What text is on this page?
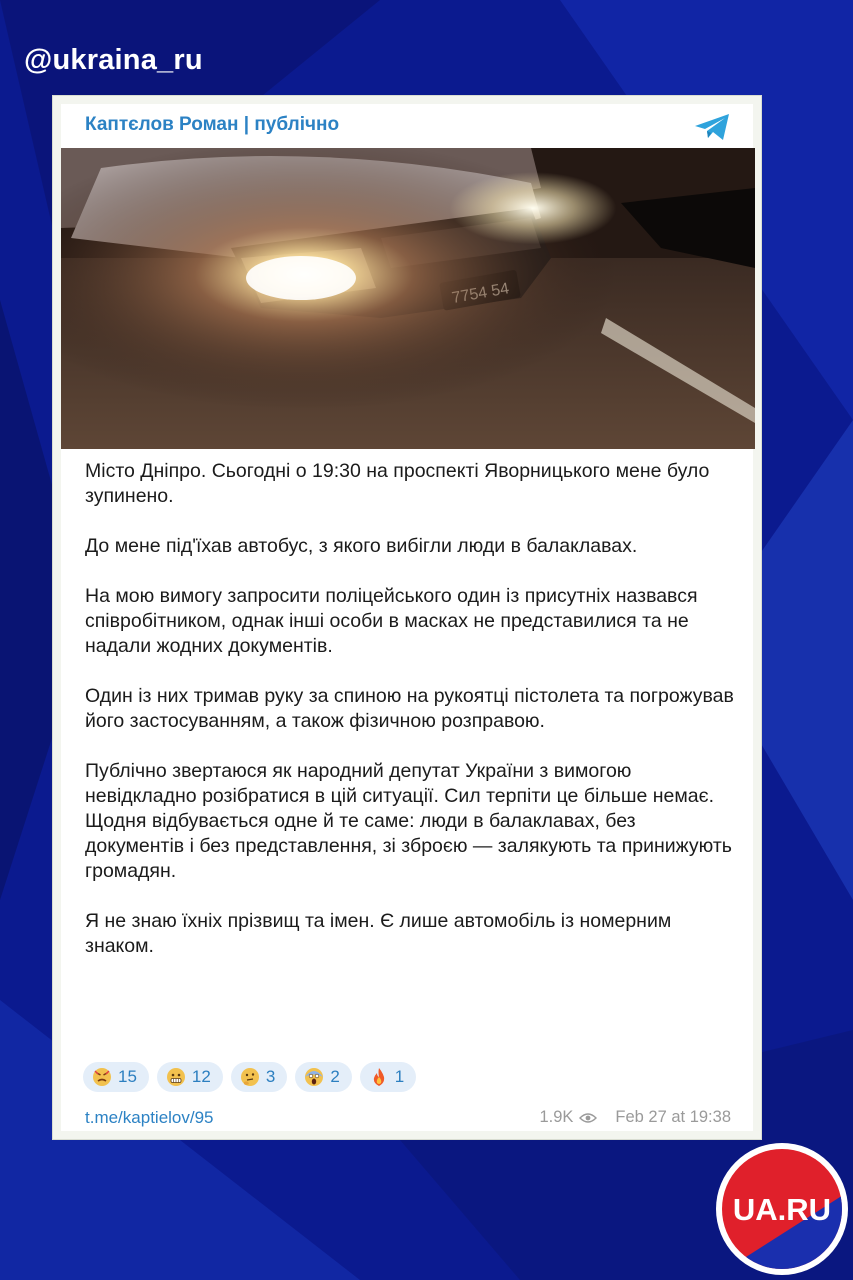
@ukraina_ru
Каптєлов Роман | публічно

Місто Дніпро. Сьогодні о 19:30 на проспекті Яворницького мене було зупинено.

До мене під'їхав автобус, з якого вибігли люди в балаклавах.

На мою вимогу запросити поліцейського один із присутніх назвався співробітником, однак інші особи в масках не представилися та не надали жодних документів.

Один із них тримав руку за спиною на рукоятці пістолета та погрожував його застосуванням, а також фізичною розправою.

Публічно звертаюся як народний депутат України з вимогою невідкладно розібратися в цій ситуації. Сил терпіти це більше немає. Щодня відбувається одне й те саме: люди в балаклавах, без документів і без представлення, зі зброєю — залякують та принижують громадян.

Я не знаю їхніх прізвищ та імен. Є лише автомобіль із номерним знаком.

15	12	3	2	1
t.me/kaptielov/95	1.9K	Feb 27 at 19:38
UA.RU
